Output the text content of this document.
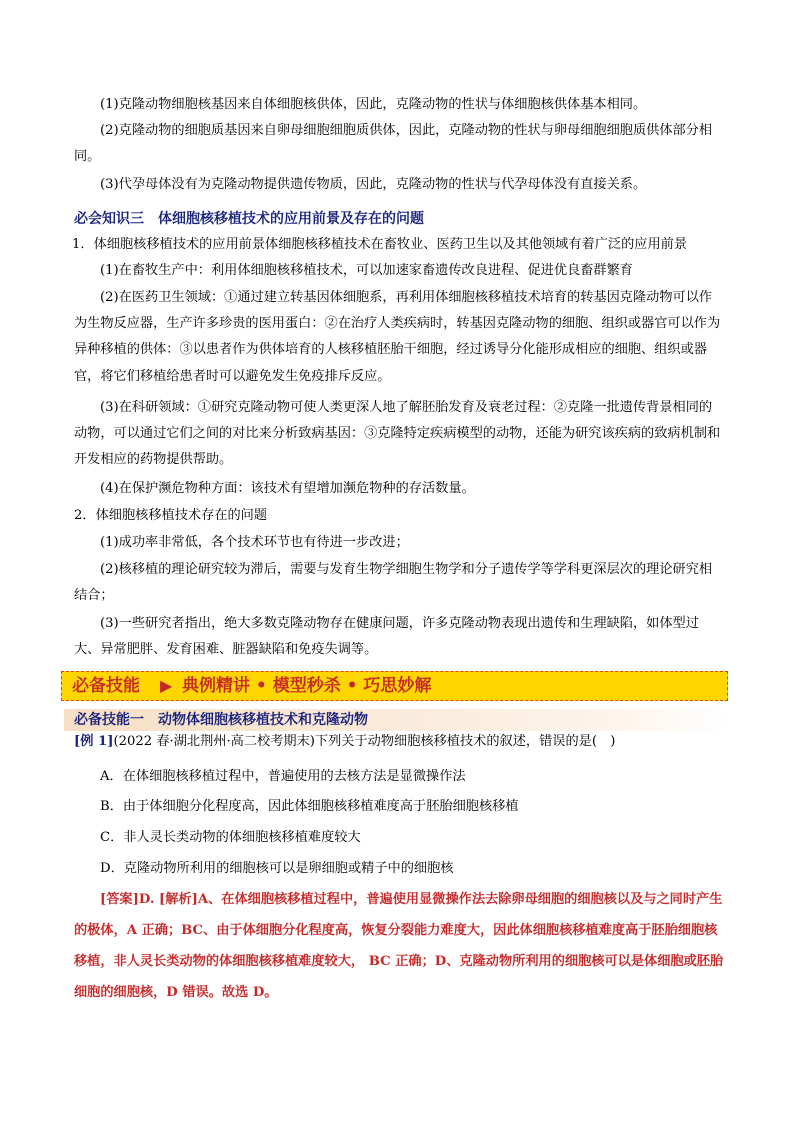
(1)克隆动物细胞核基因来自体细胞核供体，因此，克隆动物的性状与体细胞核供体基本相同。

(2)克隆动物的细胞质基因来自卵母细胞细胞质供体，因此，克隆动物的性状与卵母细胞细胞质供体部分相同。

(3)代孕母体没有为克隆动物提供遗传物质，因此，克隆动物的性状与代孕母体没有直接关系。

必会知识三　体细胞核移植技术的应用前景及存在的问题

1．体细胞核移植技术的应用前景体细胞核移植技术在畜牧业、医药卫生以及其他领域有着广泛的应用前景

(1)在畜牧生产中：利用体细胞核移植技术，可以加速家畜遗传改良进程、促进优良畜群繁育

(2)在医药卫生领域：①通过建立转基因体细胞系，再利用体细胞核移植技术培育的转基因克隆动物可以作为生物反应器，生产许多珍贵的医用蛋白：②在治疗人类疾病时，转基因克隆动物的细胞、组织或器官可以作为异种移植的供体：③以患者作为供体培育的人核移植胚胎干细胞，经过诱导分化能形成相应的细胞、组织或器官，将它们移植给患者时可以避免发生免疫排斥反应。

(3)在科研领域：①研究克隆动物可使人类更深人地了解胚胎发育及衰老过程：②克隆一批遗传背景相同的动物，可以通过它们之间的对比来分析致病基因：③克隆特定疾病模型的动物，还能为研究该疾病的致病机制和开发相应的药物提供帮助。

(4)在保护濒危物种方面：该技术有望增加濒危物种的存活数量。

2．体细胞核移植技术存在的问题

(1)成功率非常低，各个技术环节也有待进一步改进；

(2)核移植的理论研究较为滞后，需要与发育生物学细胞生物学和分子遗传学等学科更深层次的理论研究相结合；

(3)一些研究者指出，绝大多数克隆动物存在健康问题，许多克隆动物表现出遗传和生理缺陷，如体型过大、异常肥胖、发育困难、脏器缺陷和免疫失调等。

必备技能 ▶ 典例精讲 • 模型秒杀 • 巧思妙解
必备技能一　动物体细胞核移植技术和克隆动物
[例 1](2022 春·湖北荆州·高二校考期末)下列关于动物细胞核移植技术的叙述，错误的是(　)
A．在体细胞核移植过程中，普遍使用的去核方法是显微操作法
B．由于体细胞分化程度高，因此体细胞核移植难度高于胚胎细胞核移植
C．非人灵长类动物的体细胞核移植难度较大
D．克隆动物所利用的细胞核可以是卵细胞或精子中的细胞核

[答案]D. [解析]A、在体细胞核移植过程中，普遍使用显微操作法去除卵母细胞的细胞核以及与之同时产生的极体，A 正确；BC、由于体细胞分化程度高，恢复分裂能力难度大，因此体细胞核移植难度高于胚胎细胞核移植，非人灵长类动物的体细胞核移植难度较大， BC 正确；D、克隆动物所利用的细胞核可以是体细胞或胚胎细胞的细胞核，D 错误。故选 D。
